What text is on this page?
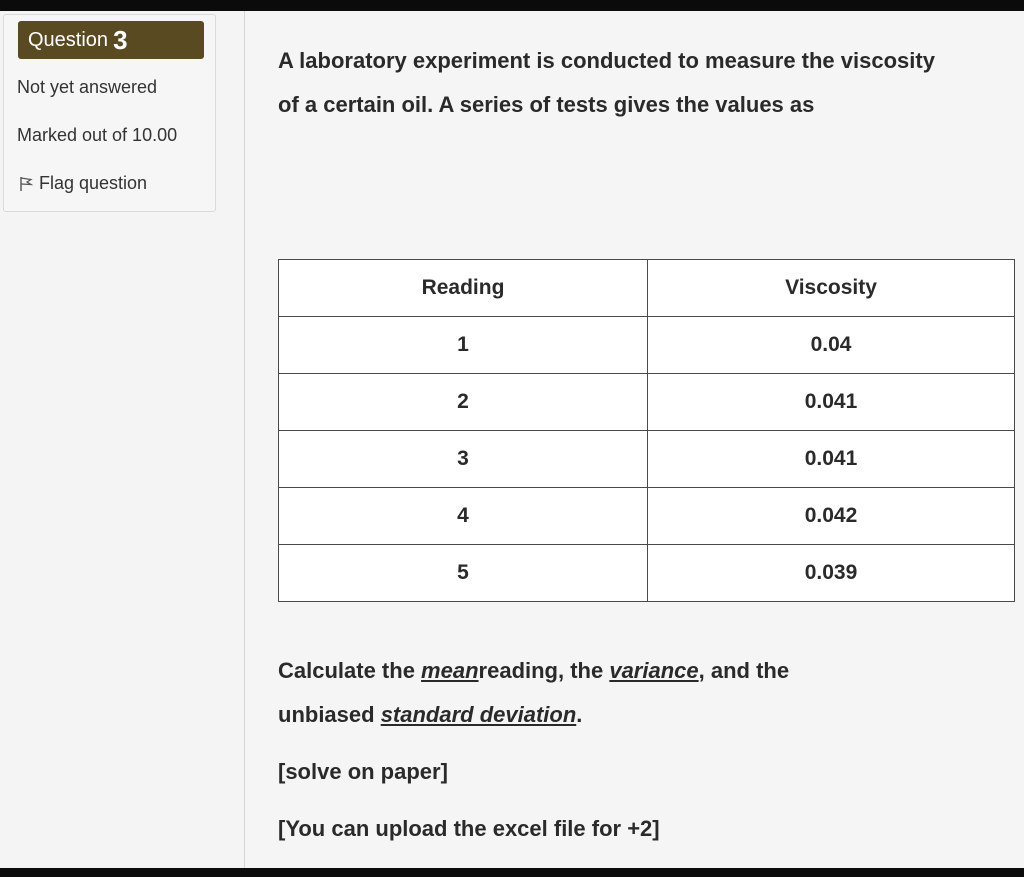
Question 3
Not yet answered
Marked out of 10.00
Flag question
A laboratory experiment is conducted to measure the viscosity
of a certain oil. A series of tests gives the values as
Reading	Viscosity
1	0.04
2	0.041
3	0.041
4	0.042
5	0.039
Calculate the meanreading, the variance, and the
unbiased standard deviation.
[solve on paper]
[You can upload the excel file for +2]
